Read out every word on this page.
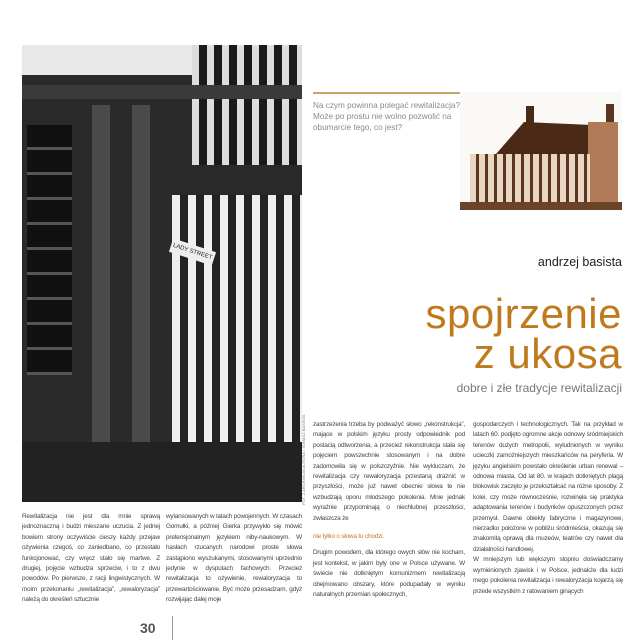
LADY STREET
FOT. Z ARCHIWUM AUTORA / TOMASZ BASISTA
Na czym powinna polegać rewitalizacja? Może po prostu nie wolno pozwolić na obumarcie tego, co jest?
andrzej basista
spojrzenie
z ukosa
dobre i złe tradycje rewitalizacji

Rewitalizacja nie jest dla mnie sprawą jednoznaczną i budzi mieszane uczucia. Z jednej bowiem strony oczywiście cieszy każdy przejaw ożywienia czegoś, co zaniedbano, co przestało funkcjonować, czy wręcz stało się martwe. Z drugiej, pojęcie wzbudza sprzeciw, i to z dwu powodów. Po pierwsze, z racji lingwistycznych. W moim przekonaniu „rewitalizacja”, „rewaloryzacja” należą do określeń sztucznie

wylansowanych w latach powojennych. W czasach Gomułki, a później Gierka przywykło się mówić pretensjonalnym językiem niby-naukowym. W hasłach rzucanych narodowi proste słowa zastąpiono wyszukanymi, stosowanymi uprzednio jedynie w dysputach fachowych. Przecież rewitalizacja to ożywienie, rewaloryzacja to przewartościowanie. Być może przesadzam, gdyż rozwijając dalej moje

zastrzeżenia trzeba by podważyć słowo „rekonstrukcja”, mające w polskim języku prosty odpowiednik pod postacią odtworzenia, a przecież rekonstrukcja stała się pojęciem powszechnie stosowanym i na dobre zadomowiła się w polszczyźnie. Nie wykluczam, że rewitalizacja czy rewaloryzacja przestaną drażnić w przyszłości, może już nawet obecnie słowa te nie wzbudzają oporu młodszego pokolenia. Mnie jednak wyraźnie przypominają o niechlubnej przeszłości, zwłaszcza że

nie tylko o słowa tu chodzi.

Drugim powodem, dla którego owych słów nie kocham, jest kontekst, w jakim były one w Polsce używane. W świecie nie dotkniętym komunizmem rewitalizacją obejmowano obszary, które podupadały w wyniku naturalnych przemian społecznych,

gospodarczych i technologicznych. Tak na przykład w latach 60. podjęto ogromne akcje odnowy śródmiejskich terenów dużych metropolii, wyludnionych w wyniku ucieczki zamożniejszych mieszkańców na peryferia. W języku angielskim powstało określenie urban renewal – odnowa miasta. Od lat 80. w krajach dotkniętych plagą blokowisk zaczęto je przekształcać na różne sposoby. Z kolei, czy może równocześnie, rozwinęła się praktyka adaptowania terenów i budynków opuszczonych przez przemysł. Dawne obiekty fabryczne i magazynowe, nierzadko położone w pobliżu śródmieścia, okazują się znakomitą oprawą dla muzeów, teatrów czy nawet dla działalności handlowej.

W mniejszym lub większym stopniu doświadczamy wymienionych zjawisk i w Polsce, jednakże dla ludzi mego pokolenia rewitalizacja i rewaloryzacja kojarzą się przede wszystkim z ratowaniem ginących

30
